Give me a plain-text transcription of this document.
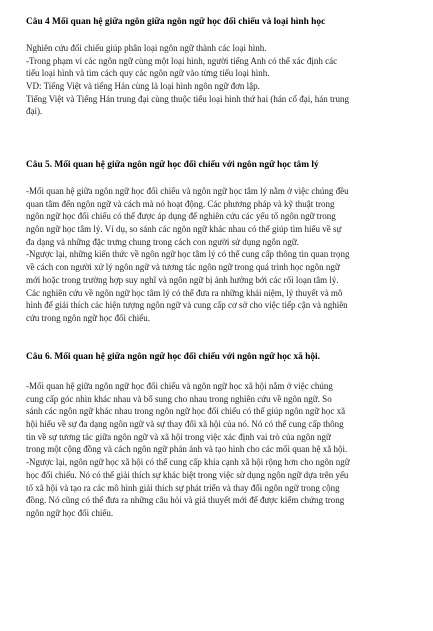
Câu 4 Mối quan hệ giữa ngôn giữa ngôn ngữ học đối chiếu và loại hình học
Nghiên cứu đối chiếu giúp phân loại ngôn ngữ thành các loại hình.
-Trong phạm vi các ngôn ngữ cùng một loại hình, người tiếng Anh có thể xác định các
tiểu loại hình và tìm cách quy các ngôn ngữ vào từng tiểu loại hình.
VD: Tiếng Việt và tiếng Hán cùng là loại hình ngôn ngữ đơn lập.
Tiếng Việt và Tiếng Hán trung đại cùng thuộc tiểu loại hình thứ hai (hán cổ đại, hán trung
đại).
Câu 5. Mối quan hệ giữa ngôn ngữ học đối chiếu với ngôn ngữ học tâm lý
-Mối quan hệ giữa ngôn ngữ học đối chiếu và ngôn ngữ học tâm lý nằm ở việc chúng đều
quan tâm đến ngôn ngữ và cách mà nó hoạt động. Các phương pháp và kỹ thuật trong
ngôn ngữ học đối chiếu có thể được áp dụng để nghiên cứu các yếu tố ngôn ngữ trong
ngôn ngữ học tâm lý. Ví dụ, so sánh các ngôn ngữ khác nhau có thể giúp tìm hiểu về sự
đa dạng và những đặc trưng chung trong cách con người sử dụng ngôn ngữ.
-Ngược lại, những kiến thức về ngôn ngữ học tâm lý có thể cung cấp thông tin quan trọng
về cách con người xử lý ngôn ngữ và tương tác ngôn ngữ trong quá trình học ngôn ngữ
mới hoặc trong trường hợp suy nghĩ và ngôn ngữ bị ảnh hưởng bởi các rối loạn tâm lý.
Các nghiên cứu về ngôn ngữ học tâm lý có thể đưa ra những khái niệm, lý thuyết và mô
hình để giải thích các hiện tượng ngôn ngữ và cung cấp cơ sở cho việc tiếp cận và nghiên
cứu trong ngôn ngữ học đối chiếu.
Câu 6. Mối quan hệ giữa ngôn ngữ học đối chiếu với ngôn ngữ học xã hội.
-Mối quan hệ giữa ngôn ngữ học đối chiếu và ngôn ngữ học xã hội nằm ở việc chúng
cung cấp góc nhìn khác nhau và bổ sung cho nhau trong nghiên cứu về ngôn ngữ. So
sánh các ngôn ngữ khác nhau trong ngôn ngữ học đối chiếu có thể giúp ngôn ngữ học xã
hội hiểu về sự đa dạng ngôn ngữ và sự thay đổi xã hội của nó. Nó có thể cung cấp thông
tin về sự tương tác giữa ngôn ngữ và xã hội trong việc xác định vai trò của ngôn ngữ
trong một cộng đồng và cách ngôn ngữ phản ánh và tạo hình cho các mối quan hệ xã hội.
-Ngược lại, ngôn ngữ học xã hội có thể cung cấp khía cạnh xã hội rộng hơn cho ngôn ngữ
học đối chiếu. Nó có thể giải thích sự khác biệt trong việc sử dụng ngôn ngữ dựa trên yếu
tố xã hội và tạo ra các mô hình giải thích sự phát triển và thay đổi ngôn ngữ trong cộng
đồng. Nó cũng có thể đưa ra những câu hỏi và giả thuyết mới để được kiểm chứng trong
ngôn ngữ học đối chiếu.
